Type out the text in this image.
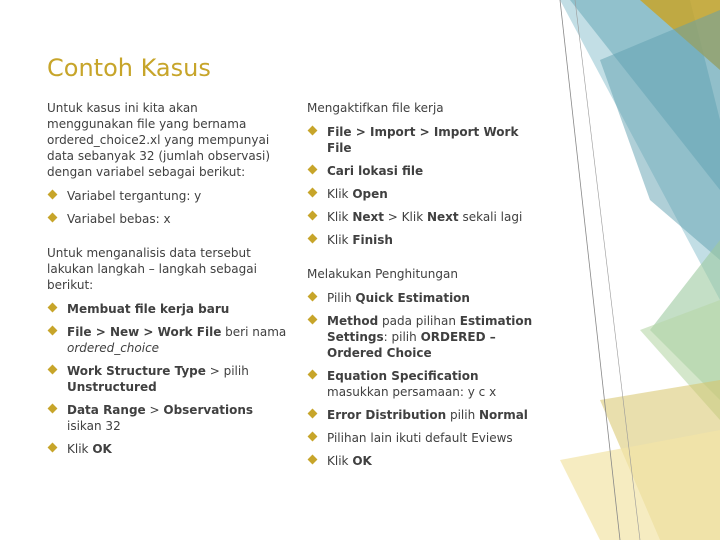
Contoh Kasus

Untuk kasus ini kita akan menggunakan file yang bernama ordered_choice2.xl yang mempunyai data sebanyak 32 (jumlah observasi) dengan variabel sebagai berikut:

Variabel tergantung: y
Variabel bebas: x

Untuk menganalisis data tersebut lakukan langkah – langkah sebagai berikut:

Membuat file kerja baru
File > New > Work File beri nama ordered_choice
Work Structure Type > pilih Unstructured
Data Range > Observations isikan 32
Klik OK

Mengaktifkan file kerja

File > Import > Import Work File
Cari lokasi file
Klik Open
Klik Next > Klik Next sekali lagi
Klik Finish

Melakukan Penghitungan

Pilih Quick Estimation
Method pada pilihan Estimation Settings: pilih ORDERED – Ordered Choice
Equation Specification masukkan persamaan: y c x
Error Distribution pilih Normal
Pilihan lain ikuti default Eviews
Klik OK
